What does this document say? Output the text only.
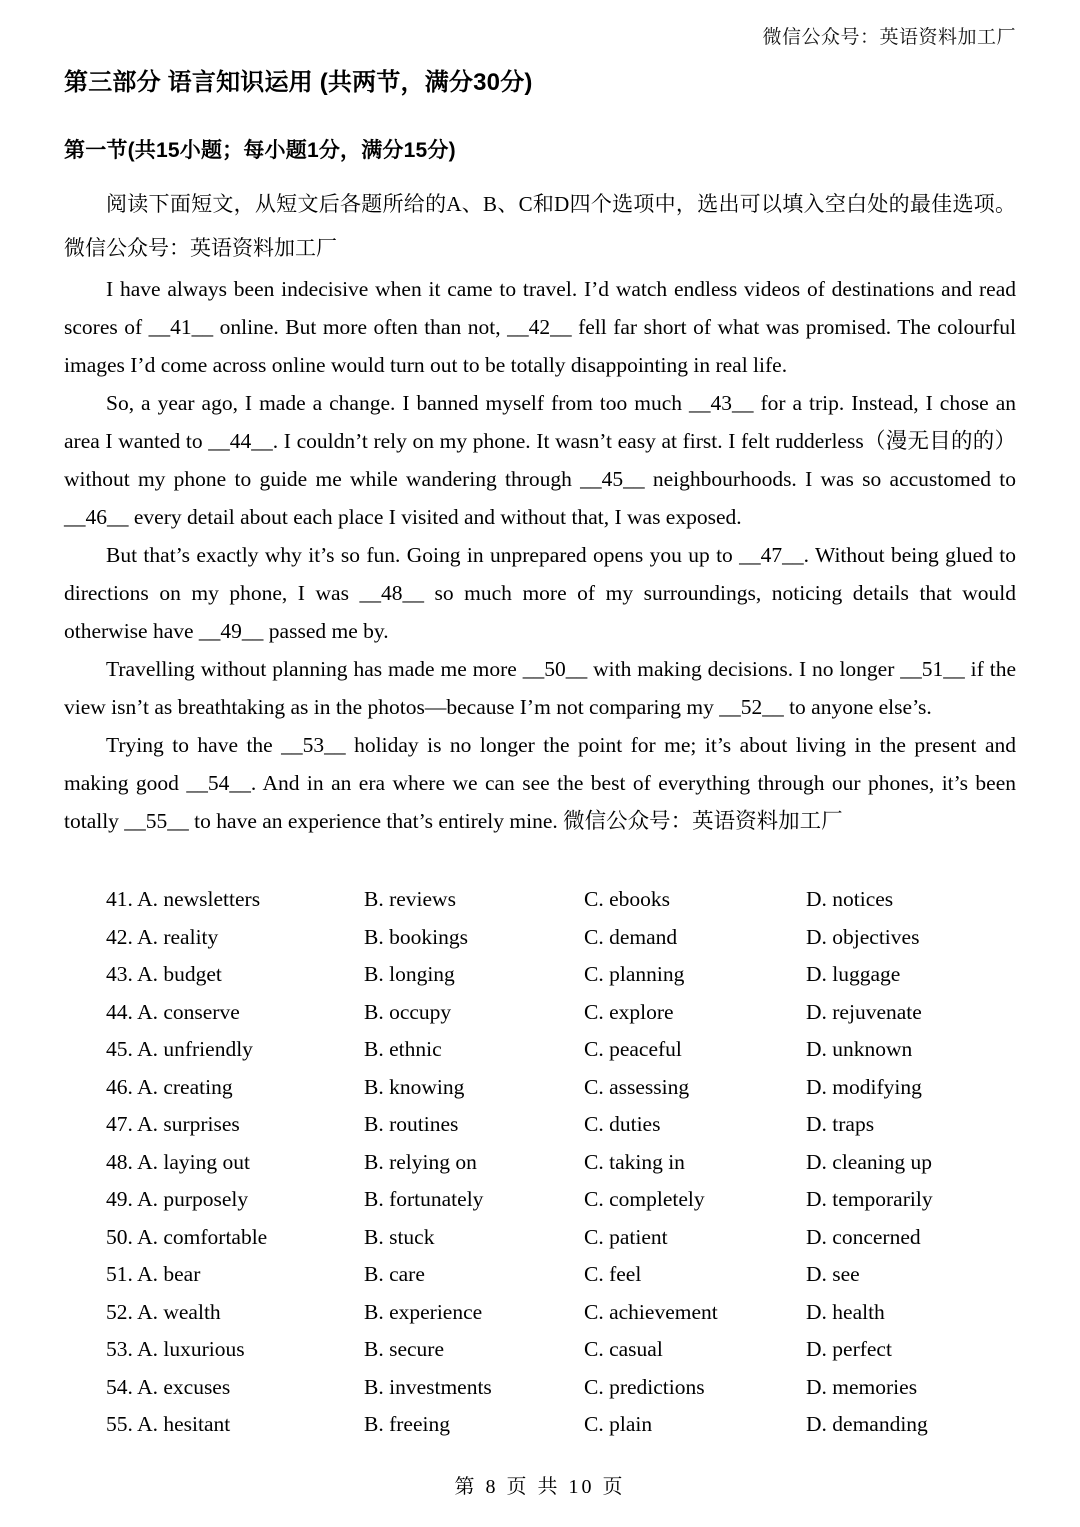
微信公众号：英语资料加工厂
第三部分 语言知识运用 (共两节，满分30分)
第一节(共15小题；每小题1分，满分15分)

阅读下面短文，从短文后各题所给的A、B、C和D四个选项中，选出可以填入空白处的最佳选项。微信公众号：英语资料加工厂

I have always been indecisive when it came to travel. I’d watch endless videos of destinations and read scores of __41__ online. But more often than not, __42__ fell far short of what was promised. The colourful images I’d come across online would turn out to be totally disappointing in real life.

So, a year ago, I made a change. I banned myself from too much __43__ for a trip. Instead, I chose an area I wanted to __44__. I couldn’t rely on my phone. It wasn’t easy at first. I felt rudderless（漫无目的的）without my phone to guide me while wandering through __45__ neighbourhoods. I was so accustomed to __46__ every detail about each place I visited and without that, I was exposed.

But that’s exactly why it’s so fun. Going in unprepared opens you up to __47__. Without being glued to directions on my phone, I was __48__ so much more of my surroundings, noticing details that would otherwise have __49__ passed me by.

Travelling without planning has made me more __50__ with making decisions. I no longer __51__ if the view isn’t as breathtaking as in the photos—because I’m not comparing my __52__ to anyone else’s.

Trying to have the __53__ holiday is no longer the point for me; it’s about living in the present and making good __54__. And in an era where we can see the best of everything through our phones, it’s been totally __55__ to have an experience that’s entirely mine. 微信公众号：英语资料加工厂

41. A. newsletters	B. reviews	C. ebooks	D. notices
42. A. reality	B. bookings	C. demand	D. objectives
43. A. budget	B. longing	C. planning	D. luggage
44. A. conserve	B. occupy	C. explore	D. rejuvenate
45. A. unfriendly	B. ethnic	C. peaceful	D. unknown
46. A. creating	B. knowing	C. assessing	D. modifying
47. A. surprises	B. routines	C. duties	D. traps
48. A. laying out	B. relying on	C. taking in	D. cleaning up
49. A. purposely	B. fortunately	C. completely	D. temporarily
50. A. comfortable	B. stuck	C. patient	D. concerned
51. A. bear	B. care	C. feel	D. see
52. A. wealth	B. experience	C. achievement	D. health
53. A. luxurious	B. secure	C. casual	D. perfect
54. A. excuses	B. investments	C. predictions	D. memories
55. A. hesitant	B. freeing	C. plain	D. demanding
第 8 页 共 10 页
